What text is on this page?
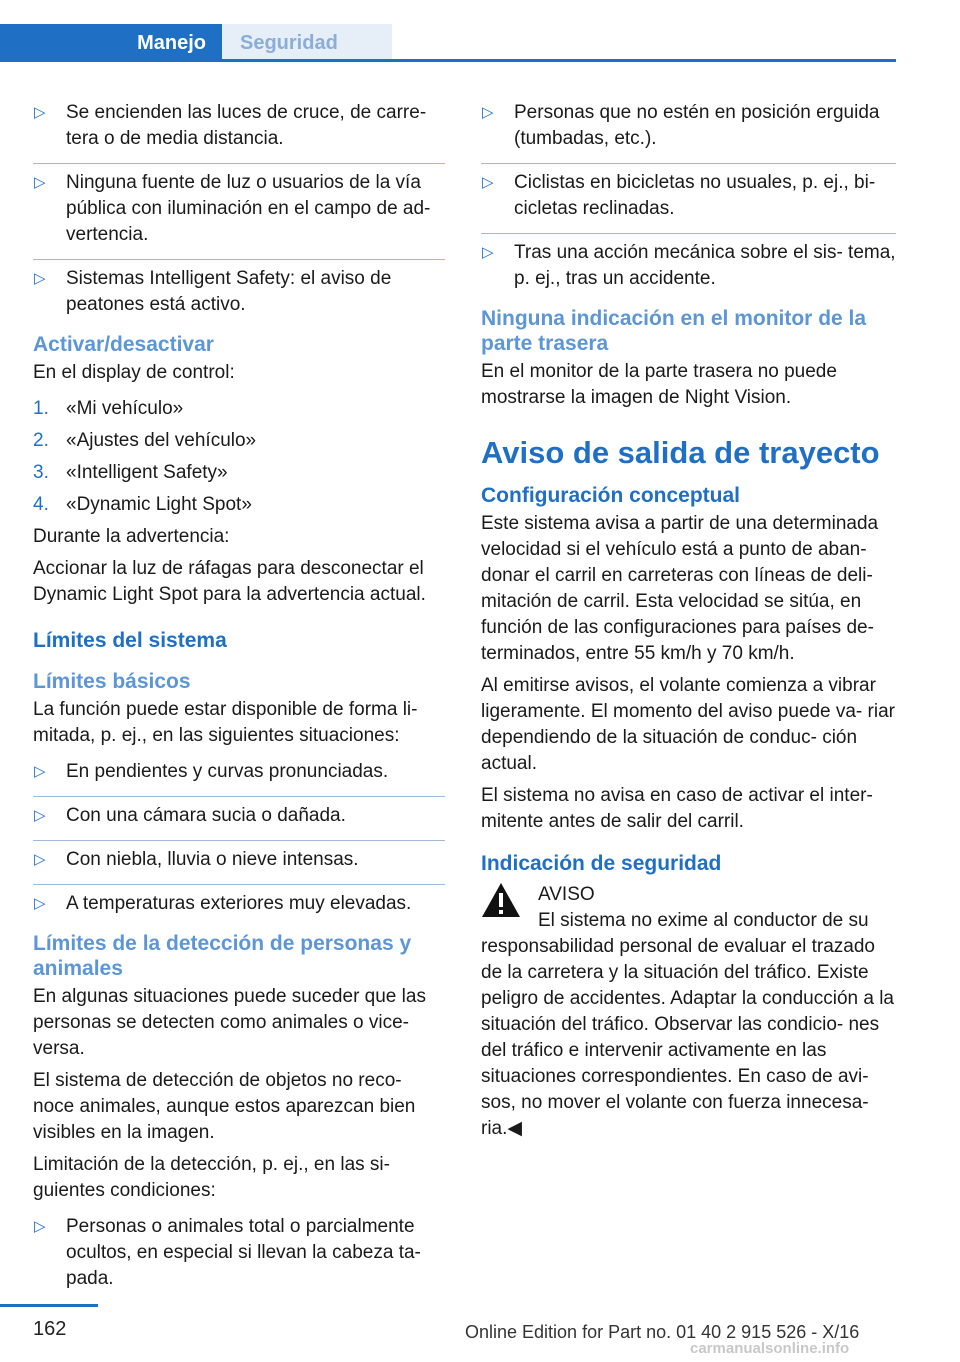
Manejo	Seguridad
▷ Se encienden las luces de cruce, de carre‐ tera o de media distancia.
▷ Ninguna fuente de luz o usuarios de la vía pública con iluminación en el campo de ad‐ vertencia.
▷ Sistemas Intelligent Safety: el aviso de peatones está activo.
Activar/desactivar
En el display de control:
1. «Mi vehículo»
2. «Ajustes del vehículo»
3. «Intelligent Safety»
4. «Dynamic Light Spot»
Durante la advertencia:
Accionar la luz de ráfagas para desconectar el Dynamic Light Spot para la advertencia actual.
Límites del sistema
Límites básicos
La función puede estar disponible de forma li‐ mitada, p. ej., en las siguientes situaciones:
▷ En pendientes y curvas pronunciadas.
▷ Con una cámara sucia o dañada.
▷ Con niebla, lluvia o nieve intensas.
▷ A temperaturas exteriores muy elevadas.
Límites de la detección de personas y animales
En algunas situaciones puede suceder que las personas se detecten como animales o vice‐ versa.
El sistema de detección de objetos no reco‐ noce animales, aunque estos aparezcan bien visibles en la imagen.
Limitación de la detección, p. ej., en las si‐ guientes condiciones:
▷ Personas o animales total o parcialmente ocultos, en especial si llevan la cabeza ta‐ pada.
▷ Personas que no estén en posición erguida (tumbadas, etc.).
▷ Ciclistas en bicicletas no usuales, p. ej., bi‐ cicletas reclinadas.
▷ Tras una acción mecánica sobre el sis‐ tema, p. ej., tras un accidente.
Ninguna indicación en el monitor de la parte trasera
En el monitor de la parte trasera no puede mostrarse la imagen de Night Vision.
Aviso de salida de trayecto
Configuración conceptual
Este sistema avisa a partir de una determinada velocidad si el vehículo está a punto de aban‐ donar el carril en carreteras con líneas de deli‐ mitación de carril. Esta velocidad se sitúa, en función de las configuraciones para países de‐ terminados, entre 55 km/h y 70 km/h.
Al emitirse avisos, el volante comienza a vibrar ligeramente. El momento del aviso puede va‐ riar dependiendo de la situación de conduc‐ ción actual.
El sistema no avisa en caso de activar el inter‐ mitente antes de salir del carril.
Indicación de seguridad
AVISO
El sistema no exime al conductor de su
responsabilidad personal de evaluar el trazado de la carretera y la situación del tráfico. Existe peligro de accidentes. Adaptar la conducción a la situación del tráfico. Observar las condicio‐ nes del tráfico e intervenir activamente en las situaciones correspondientes. En caso de avi‐ sos, no mover el volante con fuerza innecesa‐ ria.◀
162	Online Edition for Part no. 01 40 2 915 526 - X/16
carmanualsonline.info
